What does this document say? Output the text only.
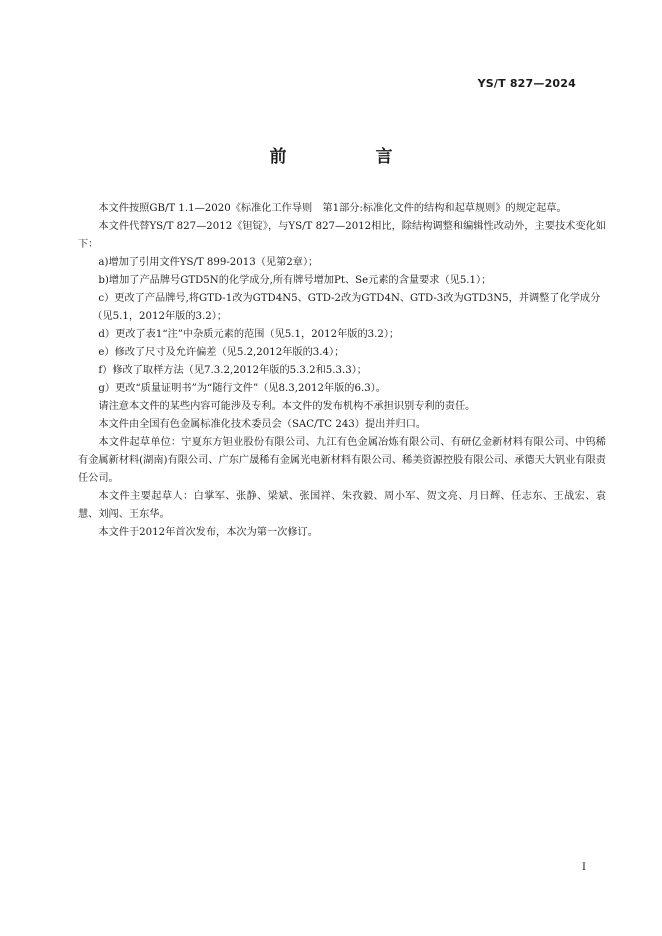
YS/T 827—2024
前　言

本文件按照GB/T 1.1—2020《标准化工作导则　第1部分:标准化文件的结构和起草规则》的规定起草。

本文件代替YS/T 827—2012《钽锭》，与YS/T 827—2012相比，除结构调整和编辑性改动外，主要技术变化如下：

a)增加了引用文件YS/T 899-2013（见第2章）；

b)增加了产品牌号GTD5N的化学成分,所有牌号增加Pt、Se元素的含量要求（见5.1）；

c）更改了产品牌号,将GTD-1改为GTD4N5、GTD-2改为GTD4N、GTD-3改为GTD3N5，并调整了化学成分
（见5.1，2012年版的3.2）；

d）更改了表1“注”中杂质元素的范围（见5.1，2012年版的3.2）；

e）修改了尺寸及允许偏差（见5.2,2012年版的3.4）；

f）修改了取样方法（见7.3.2,2012年版的5.3.2和5.3.3）；

g）更改“质量证明书”为“随行文件”（见8.3,2012年版的6.3）。

请注意本文件的某些内容可能涉及专利。本文件的发布机构不承担识别专利的责任。

本文件由全国有色金属标准化技术委员会（SAC/TC 243）提出并归口。

本文件起草单位：宁夏东方钽业股份有限公司、九江有色金属冶炼有限公司、有研亿金新材料有限公司、中钨稀有金属新材料(湖南)有限公司、广东广晟稀有金属光电新材料有限公司、稀美资源控股有限公司、承德天大钒业有限责任公司。

本文件主要起草人：白掌军、张静、梁斌、张国祥、朱孜毅、周小军、贺文亮、月日辉、任志东、王战宏、袁慧、刘闯、王东华。

本文件于2012年首次发布，本次为第一次修订。

I
